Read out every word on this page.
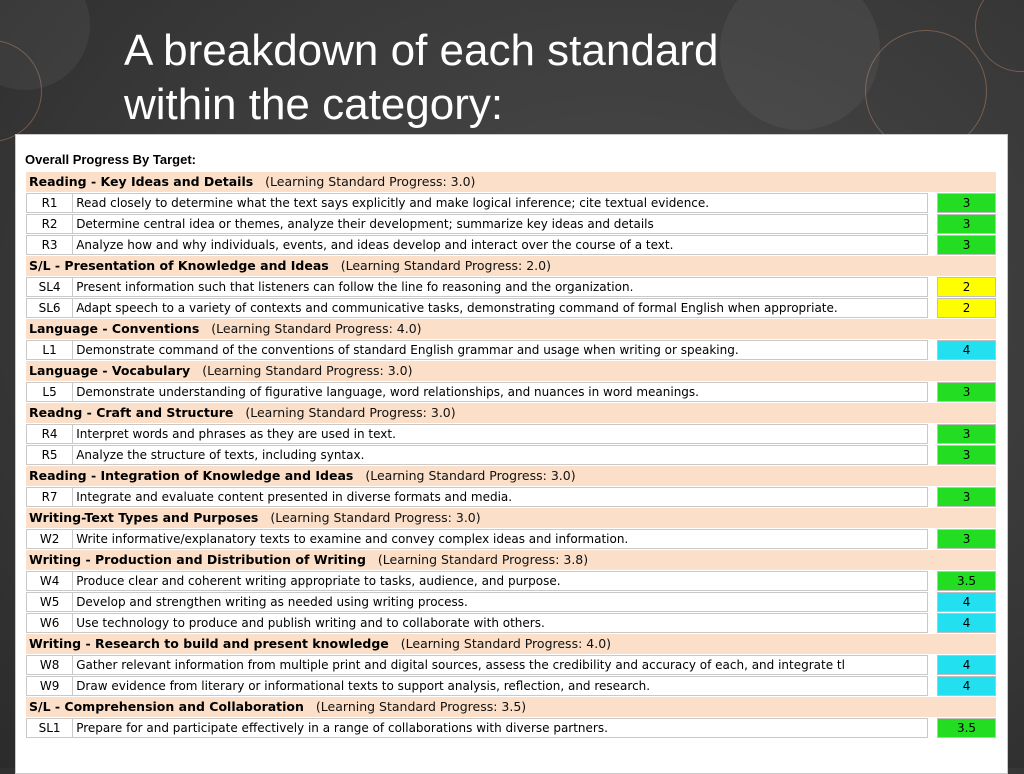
A breakdown of each standard
within the category:
Overall Progress By Target:
Reading - Key Ideas and Details (Learning Standard Progress: 3.0)
R1	Read closely to determine what the text says explicitly and make logical inference; cite textual evidence.	3
R2	Determine central idea or themes, analyze their development; summarize key ideas and details	3
R3	Analyze how and why individuals, events, and ideas develop and interact over the course of a text.	3
S/L - Presentation of Knowledge and Ideas (Learning Standard Progress: 2.0)
SL4	Present information such that listeners can follow the line fo reasoning and the organization.	2
SL6	Adapt speech to a variety of contexts and communicative tasks, demonstrating command of formal English when appropriate.	2
Language - Conventions (Learning Standard Progress: 4.0)
L1	Demonstrate command of the conventions of standard English grammar and usage when writing or speaking.	4
Language - Vocabulary (Learning Standard Progress: 3.0)
L5	Demonstrate understanding of figurative language, word relationships, and nuances in word meanings.	3
Readng - Craft and Structure (Learning Standard Progress: 3.0)
R4	Interpret words and phrases as they are used in text.	3
R5	Analyze the structure of texts, including syntax.	3
Reading - Integration of Knowledge and Ideas (Learning Standard Progress: 3.0)
R7	Integrate and evaluate content presented in diverse formats and media.	3
Writing-Text Types and Purposes (Learning Standard Progress: 3.0)
W2	Write informative/explanatory texts to examine and convey complex ideas and information.	3
Writing - Production and Distribution of Writing (Learning Standard Progress: 3.8)
W4	Produce clear and coherent writing appropriate to tasks, audience, and purpose.	3.5
W5	Develop and strengthen writing as needed using writing process.	4
W6	Use technology to produce and publish writing and to collaborate with others.	4
Writing - Research to build and present knowledge (Learning Standard Progress: 4.0)
W8	Gather relevant information from multiple print and digital sources, assess the credibility and accuracy of each, and integrate tl	4
W9	Draw evidence from literary or informational texts to support analysis, reflection, and research.	4
S/L - Comprehension and Collaboration (Learning Standard Progress: 3.5)
SL1	Prepare for and participate effectively in a range of collaborations with diverse partners.	3.5
